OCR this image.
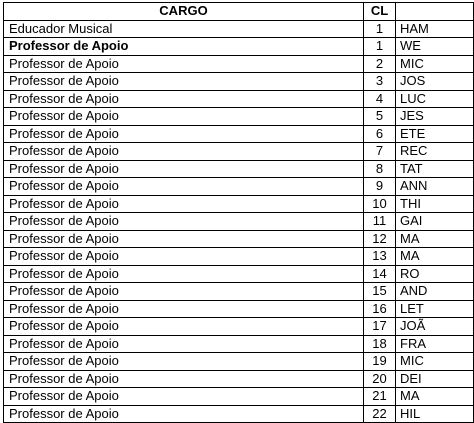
CARGO	CL	
Educador Musical	1	HAM
Professor de Apoio	1	WE
Professor de Apoio	2	MIC
Professor de Apoio	3	JOS
Professor de Apoio	4	LUC
Professor de Apoio	5	JES
Professor de Apoio	6	ETE
Professor de Apoio	7	REC
Professor de Apoio	8	TAT
Professor de Apoio	9	ANN
Professor de Apoio	10	THI
Professor de Apoio	11	GAI
Professor de Apoio	12	MA
Professor de Apoio	13	MA
Professor de Apoio	14	RO
Professor de Apoio	15	AND
Professor de Apoio	16	LET
Professor de Apoio	17	JOÃ
Professor de Apoio	18	FRA
Professor de Apoio	19	MIC
Professor de Apoio	20	DEI
Professor de Apoio	21	MA
Professor de Apoio	22	HIL
